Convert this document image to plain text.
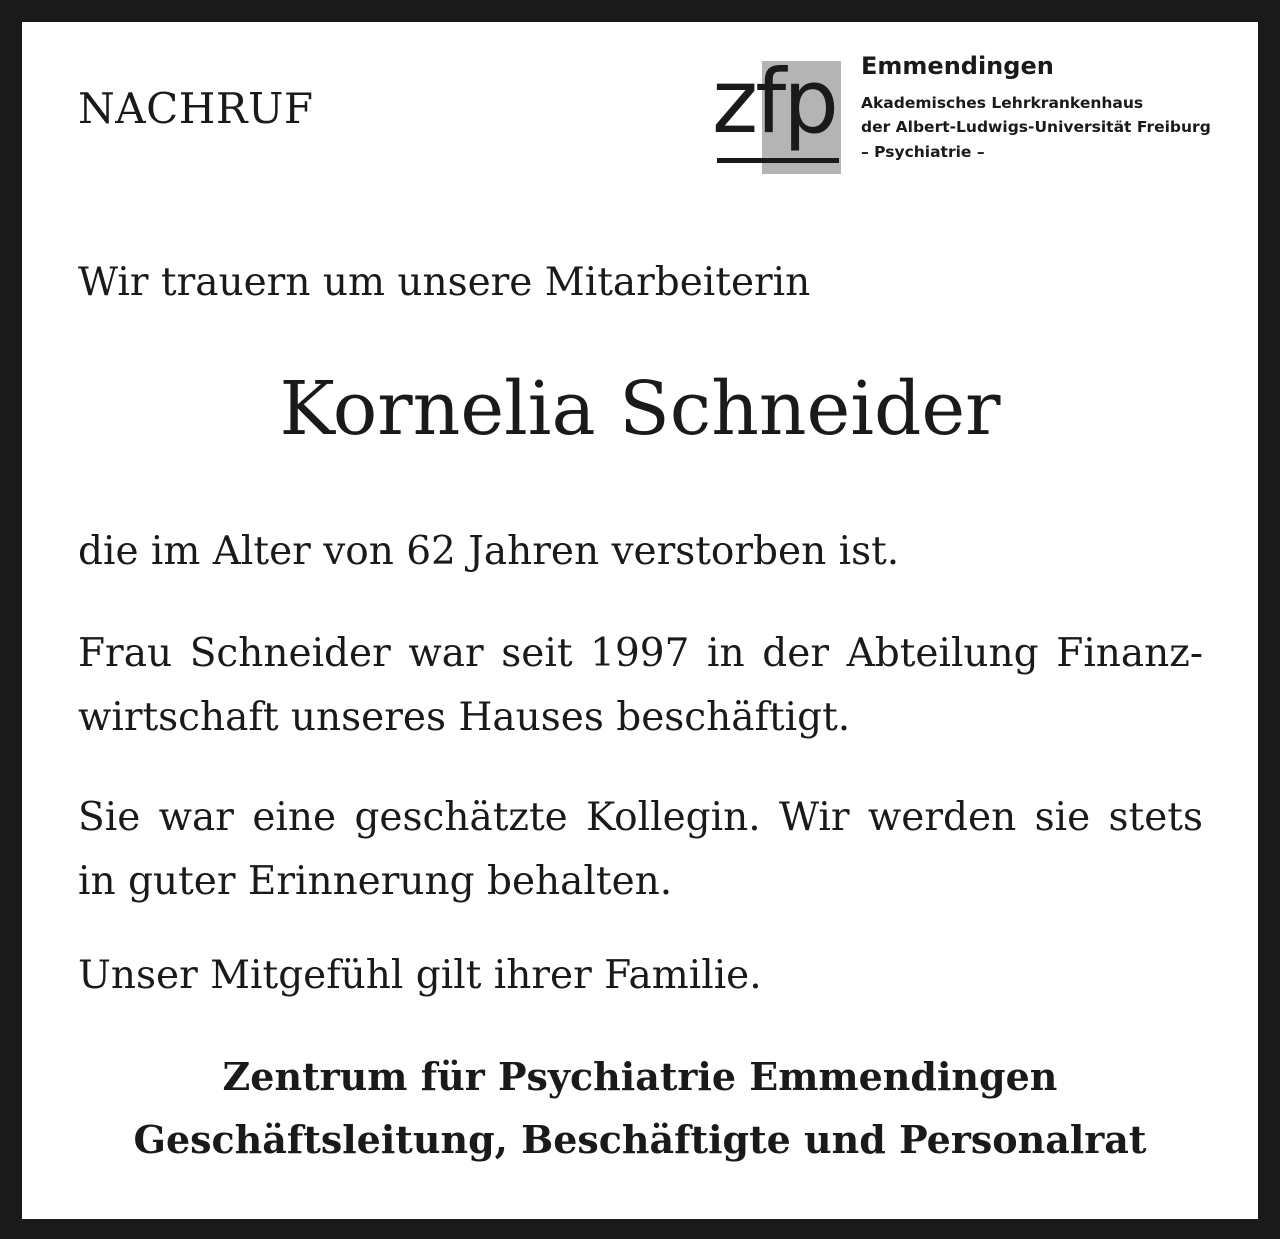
NACHRUF	zfp Emmendingen
Akademisches Lehrkrankenhaus
der Albert-Ludwigs-Universität Freiburg
– Psychiatrie –
Wir trauern um unsere Mitarbeiterin
Kornelia Schneider

die im Alter von 62 Jahren verstorben ist.

Frau Schneider war seit 1997 in der Abteilung Finanz-wirtschaft unseres Hauses beschäftigt.

Sie war eine geschätzte Kollegin. Wir werden sie stets in guter Erinnerung behalten.

Unser Mitgefühl gilt ihrer Familie.

Zentrum für Psychiatrie Emmendingen
Geschäftsleitung, Beschäftigte und Personalrat
